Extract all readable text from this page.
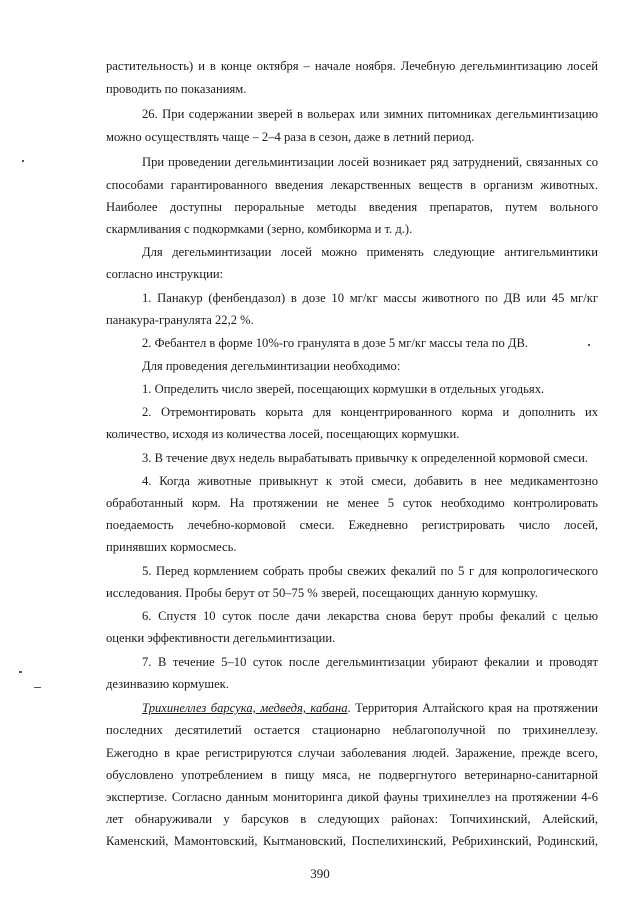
растительность) и в конце октября – начале ноября. Лечебную дегельминтизацию лосей
проводить по показаниям.
26. При содержании зверей в вольерах или зимних питомниках дегельминтизацию
можно осуществлять чаще – 2–4 раза в сезон, даже в летний период.
При проведении дегельминтизации лосей возникает ряд затруднений, связанных со
способами гарантированного введения лекарственных веществ в организм животных.
Наиболее доступны пероральные методы введения препаратов, путем вольного
скармливания с подкормками (зерно, комбикорма и т. д.).
Для дегельминтизации лосей можно применять следующие антигельминтики
согласно инструкции:
1. Панакур (фенбендазол) в дозе 10 мг/кг массы животного по ДВ или 45 мг/кг
панакура-гранулята 22,2 %.
2. Фебантел в форме 10%-го гранулята в дозе 5 мг/кг массы тела по ДВ.
Для проведения дегельминтизации необходимо:
1. Определить число зверей, посещающих кормушки в отдельных угодьях.
2. Отремонтировать корыта для концентрированного корма и дополнить их
количество, исходя из количества лосей, посещающих кормушки.
3. В течение двух недель вырабатывать привычку к определенной кормовой смеси.
4. Когда животные привыкнут к этой смеси, добавить в нее медикаментозно
обработанный корм. На протяжении не менее 5 суток необходимо контролировать
поедаемость лечебно-кормовой смеси. Ежедневно регистрировать число лосей,
принявших кормосмесь.
5. Перед кормлением собрать пробы свежих фекалий по 5 г для копрологического
исследования. Пробы берут от 50–75 % зверей, посещающих данную кормушку.
6. Спустя 10 суток после дачи лекарства снова берут пробы фекалий с целью
оценки эффективности дегельминтизации.
7. В течение 5–10 суток после дегельминтизации убирают фекалии и проводят
дезинвазию кормушек.
Трихинеллез барсука, медведя, кабана. Территория Алтайского края на протяжении
последних десятилетий остается стационарно неблагополучной по трихинеллезу.
Ежегодно в крае регистрируются случаи заболевания людей. Заражение, прежде всего,
обусловлено употреблением в пищу мяса, не подвергнутого ветеринарно-санитарной
экспертизе. Согласно данным мониторинга дикой фауны трихинеллез на протяжении 4-6
лет обнаруживали у барсуков в следующих районах: Топчихинский, Алейский,
Каменский, Мамонтовский, Кытмановский, Поспелихинский, Ребрихинский, Родинский,
390
